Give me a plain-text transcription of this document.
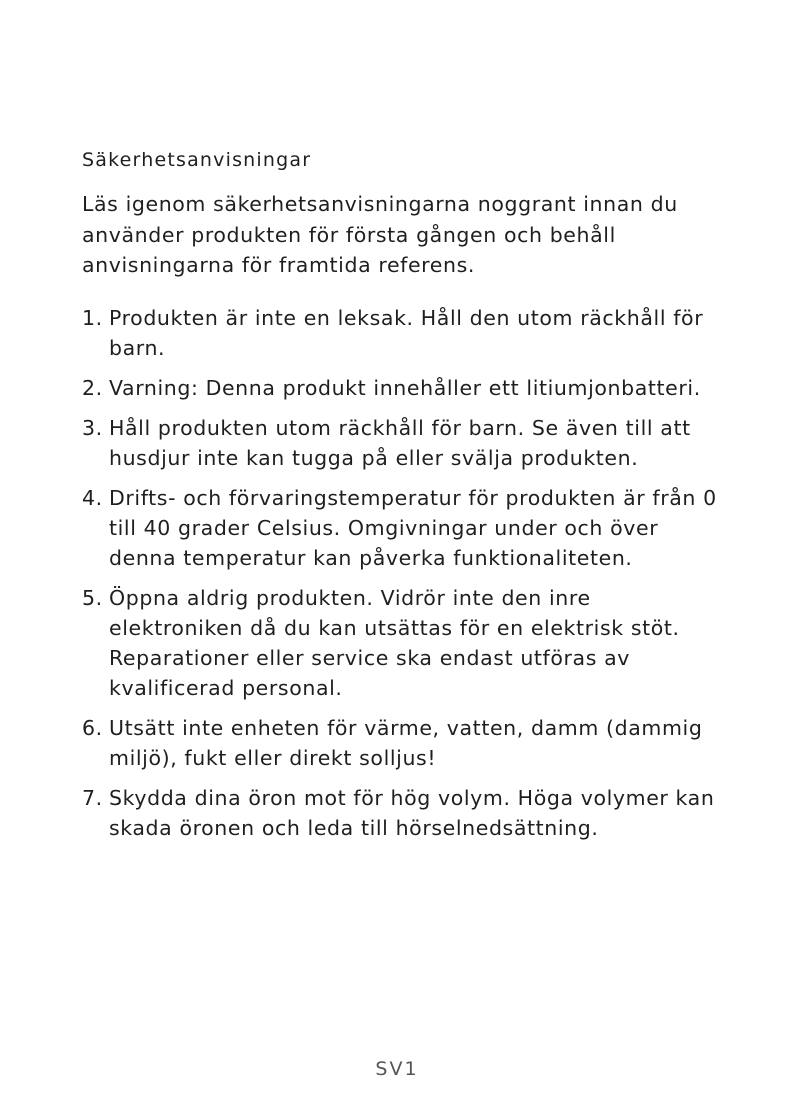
Säkerhetsanvisningar

Läs igenom säkerhetsanvisningarna noggrant innan du använder produkten för första gången och behåll anvisningarna för framtida referens.

1. Produkten är inte en leksak. Håll den utom räckhåll för barn.
2. Varning: Denna produkt innehåller ett litiumjonbatteri.
3. Håll produkten utom räckhåll för barn. Se även till att husdjur inte kan tugga på eller svälja produkten.
4. Drifts- och förvaringstemperatur för produkten är från 0 till 40 grader Celsius. Omgivningar under och över denna temperatur kan påverka funktionaliteten.
5. Öppna aldrig produkten. Vidrör inte den inre elektroniken då du kan utsättas för en elektrisk stöt. Reparationer eller service ska endast utföras av kvalificerad personal.
6. Utsätt inte enheten för värme, vatten, damm (dammig miljö), fukt eller direkt solljus!
7. Skydda dina öron mot för hög volym. Höga volymer kan skada öronen och leda till hörselnedsättning.
SV1
